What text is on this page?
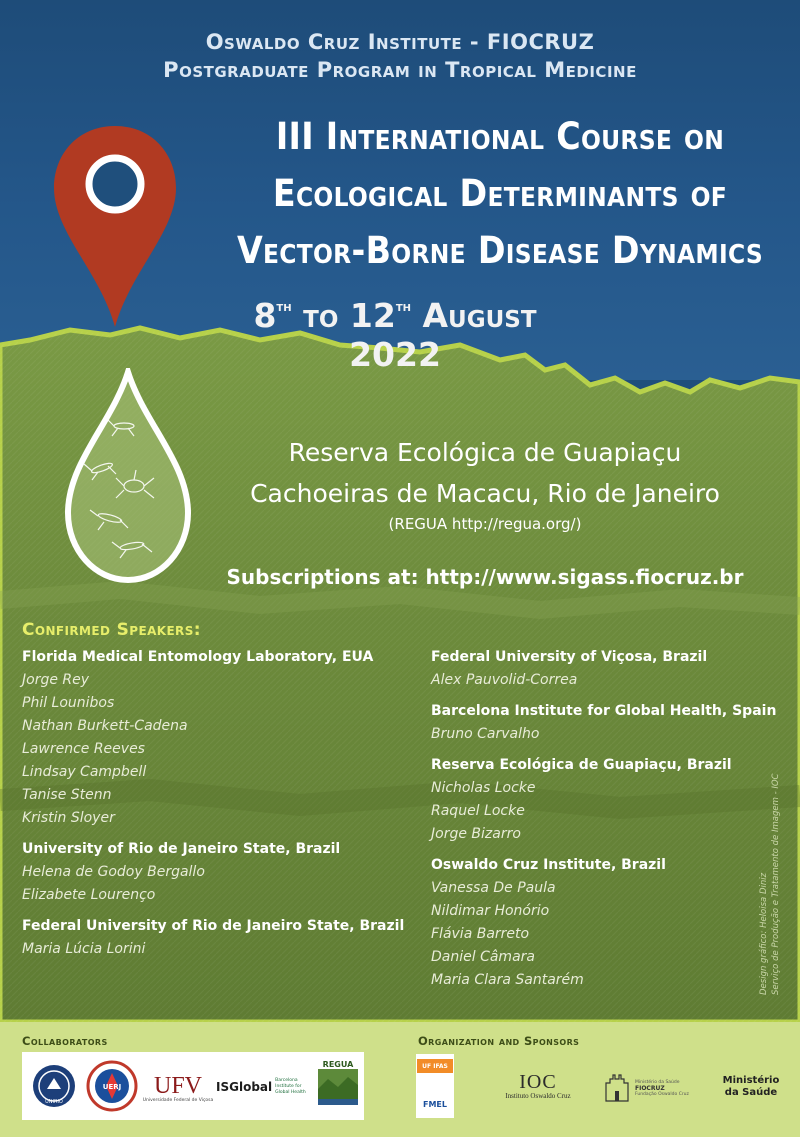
Oswaldo Cruz Institute - FIOCRUZ
Postgraduate Program in Tropical Medicine
III International Course on
Ecological Determinants of
Vector-Borne Disease Dynamics
8th to 12th August 2022
Reserva Ecológica de Guapiaçu
Cachoeiras de Macacu, Rio de Janeiro
(REGUA http://regua.org/)
Subscriptions at: http://www.sigass.fiocruz.br
Confirmed Speakers:
Florida Medical Entomology Laboratory, EUA
Jorge Rey
Phil Lounibos
Nathan Burkett-Cadena
Lawrence Reeves
Lindsay Campbell
Tanise Stenn
Kristin Sloyer
University of Rio de Janeiro State, Brazil
Helena de Godoy Bergallo
Elizabete Lourenço
Federal University of Rio de Janeiro State, Brazil
Maria Lúcia Lorini
Federal University of Viçosa, Brazil
Alex Pauvolid-Correa
Barcelona Institute for Global Health, Spain
Bruno Carvalho
Reserva Ecológica de Guapiaçu, Brazil
Nicholas Locke
Raquel Locke
Jorge Bizarro
Oswaldo Cruz Institute, Brazil
Vanessa De Paula
Nildimar Honório
Flávia Barreto
Daniel Câmara
Maria Clara Santarém	Design gráfico: Heloisa Diniz Serviço de Produção e Tratamento de Imagem - IOC
Collaborators	Organization and Sponsors
UNIRIO
UERJ UFV
Universidade Federal de Viçosa
ISGlobal Barcelona Institute for Global Health
REGUA	UF IFAS
FMEL
IOC
Instituto Oswaldo Cruz
Ministério da Saúde
FIOCRUZ
Fundação Oswaldo Cruz
Ministério
da Saúde
